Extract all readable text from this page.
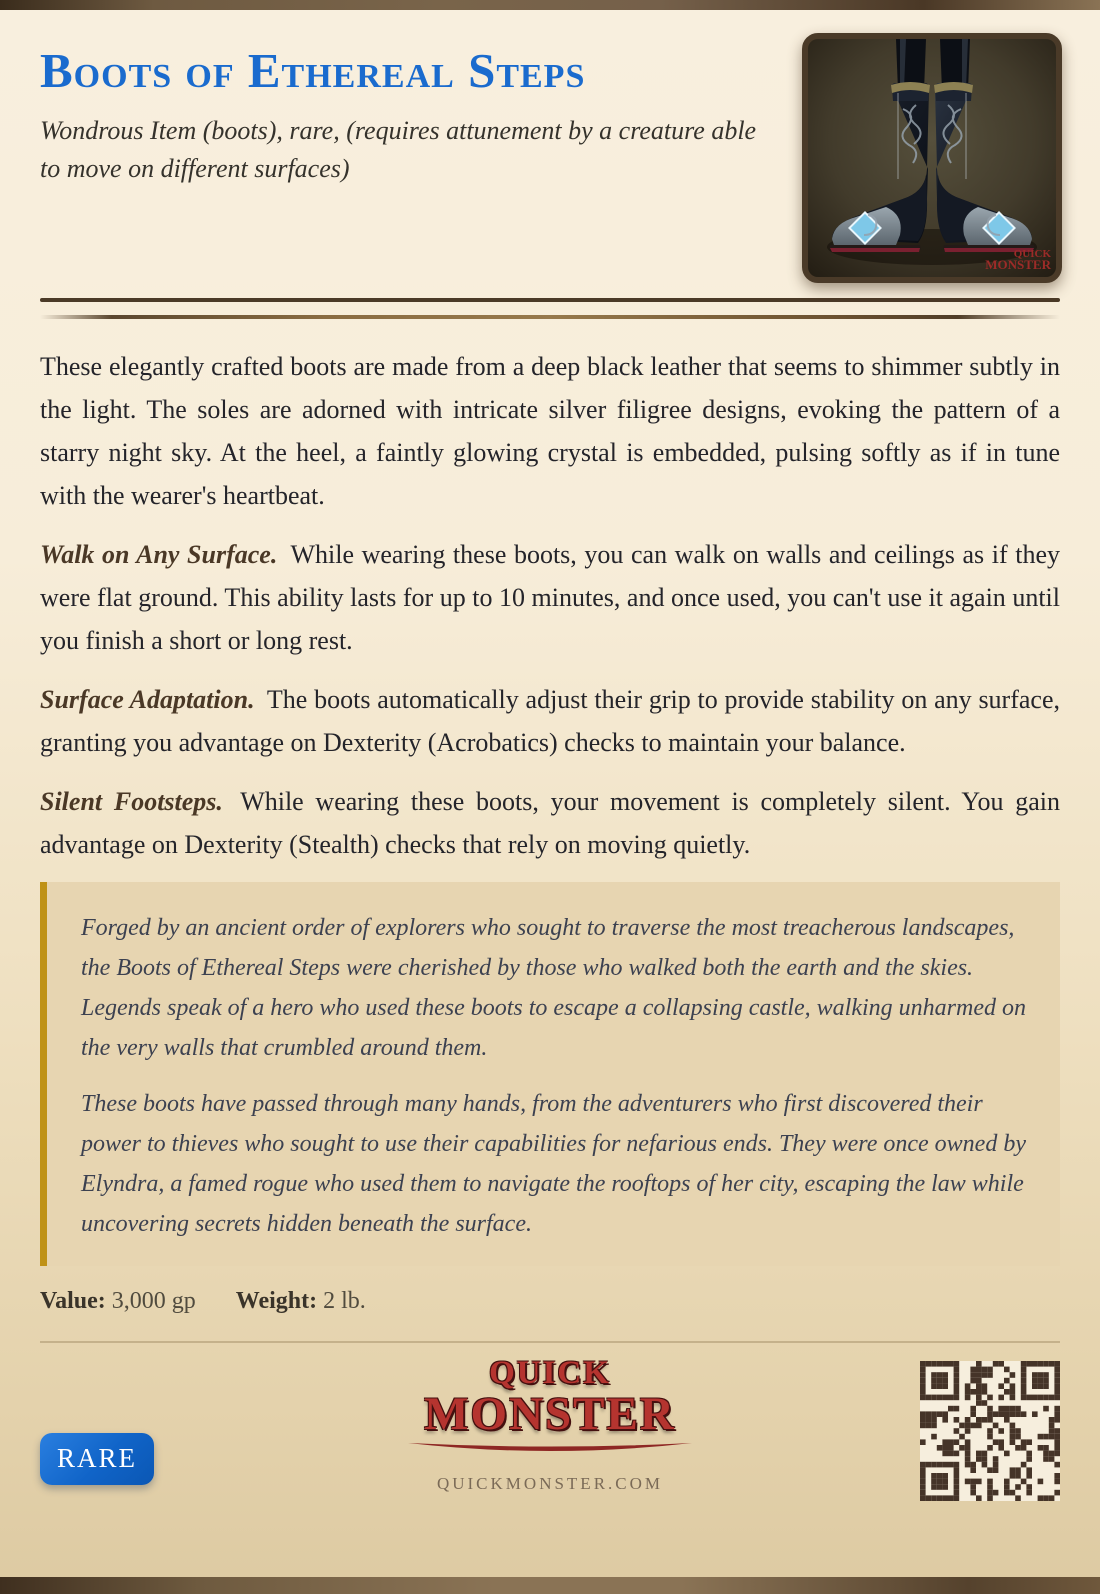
Boots of Ethereal Steps
Wondrous Item (boots), rare, (requires attunement by a creature able to move on different surfaces)
QUICK
MONSTER

These elegantly crafted boots are made from a deep black leather that seems to shimmer subtly in the light. The soles are adorned with intricate silver filigree designs, evoking the pattern of a starry night sky. At the heel, a faintly glowing crystal is embedded, pulsing softly as if in tune with the wearer's heartbeat.

Walk on Any Surface. While wearing these boots, you can walk on walls and ceilings as if they were flat ground. This ability lasts for up to 10 minutes, and once used, you can't use it again until you finish a short or long rest.

Surface Adaptation. The boots automatically adjust their grip to provide stability on any surface, granting you advantage on Dexterity (Acrobatics) checks to maintain your balance.

Silent Footsteps. While wearing these boots, your movement is completely silent. You gain advantage on Dexterity (Stealth) checks that rely on moving quietly.

Forged by an ancient order of explorers who sought to traverse the most treacherous landscapes, the Boots of Ethereal Steps were cherished by those who walked both the earth and the skies. Legends speak of a hero who used these boots to escape a collapsing castle, walking unharmed on the very walls that crumbled around them.

These boots have passed through many hands, from the adventurers who first discovered their power to thieves who sought to use their capabilities for nefarious ends. They were once owned by Elyndra, a famed rogue who used them to navigate the rooftops of her city, escaping the law while uncovering secrets hidden beneath the surface.

Value: 3,000 gp Weight: 2 lb.
RARE
QUICK
MONSTER
QUICKMONSTER.COM
